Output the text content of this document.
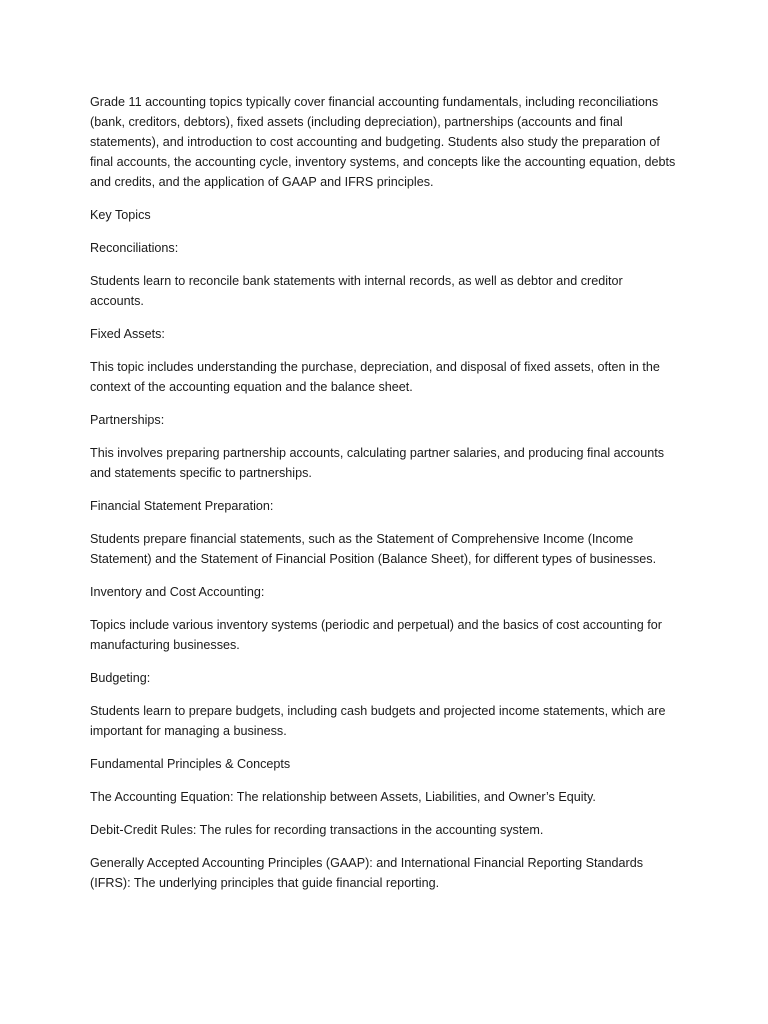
Grade 11 accounting topics typically cover financial accounting fundamentals, including reconciliations (bank, creditors, debtors), fixed assets (including depreciation), partnerships (accounts and final statements), and introduction to cost accounting and budgeting. Students also study the preparation of final accounts, the accounting cycle, inventory systems, and concepts like the accounting equation, debts and credits, and the application of GAAP and IFRS principles.

Key Topics

Reconciliations:

Students learn to reconcile bank statements with internal records, as well as debtor and creditor accounts.

Fixed Assets:

This topic includes understanding the purchase, depreciation, and disposal of fixed assets, often in the context of the accounting equation and the balance sheet.

Partnerships:

This involves preparing partnership accounts, calculating partner salaries, and producing final accounts and statements specific to partnerships.

Financial Statement Preparation:

Students prepare financial statements, such as the Statement of Comprehensive Income (Income Statement) and the Statement of Financial Position (Balance Sheet), for different types of businesses.

Inventory and Cost Accounting:

Topics include various inventory systems (periodic and perpetual) and the basics of cost accounting for manufacturing businesses.

Budgeting:

Students learn to prepare budgets, including cash budgets and projected income statements, which are important for managing a business.

Fundamental Principles & Concepts

The Accounting Equation: The relationship between Assets, Liabilities, and Owner’s Equity.

Debit-Credit Rules: The rules for recording transactions in the accounting system.

Generally Accepted Accounting Principles (GAAP): and International Financial Reporting Standards (IFRS): The underlying principles that guide financial reporting.
